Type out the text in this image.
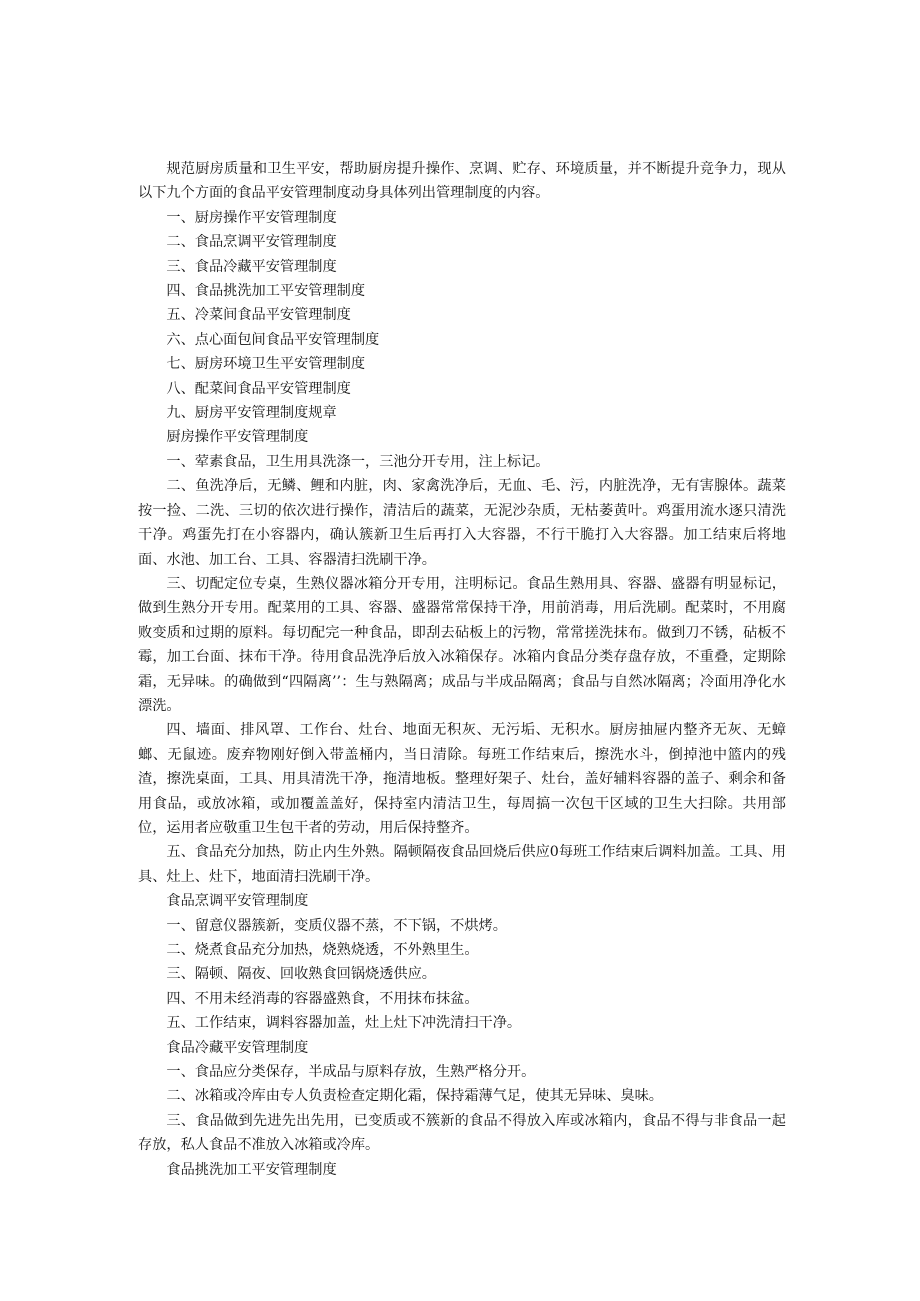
规范厨房质量和卫生平安，帮助厨房提升操作、烹调、贮存、环境质量，并不断提升竞争力，现从以下九个方面的食品平安管理制度动身具体列出管理制度的内容。

一、厨房操作平安管理制度

二、食品烹调平安管理制度

三、食品冷藏平安管理制度

四、食品挑洗加工平安管理制度

五、冷菜间食品平安管理制度

六、点心面包间食品平安管理制度

七、厨房环境卫生平安管理制度

八、配菜间食品平安管理制度

九、厨房平安管理制度规章

厨房操作平安管理制度

一、荤素食品，卫生用具洗涤一，三池分开专用，注上标记。

二、鱼洗净后，无鳞、鲤和内脏，肉、家禽洗净后，无血、毛、污，内脏洗净，无有害腺体。蔬菜按一捡、二洗、三切的依次进行操作，清洁后的蔬菜，无泥沙杂质，无枯萎黄叶。鸡蛋用流水逐只清洗干净。鸡蛋先打在小容器内，确认簇新卫生后再打入大容器，不行干脆打入大容器。加工结束后将地面、水池、加工台、工具、容器清扫洗刷干净。

三、切配定位专桌，生熟仪器冰箱分开专用，注明标记。食品生熟用具、容器、盛器有明显标记，做到生熟分开专用。配菜用的工具、容器、盛器常常保持干净，用前消毒，用后洗刷。配菜时，不用腐败变质和过期的原料。每切配完一种食品，即刮去砧板上的污物，常常搓洗抹布。做到刀不锈，砧板不霉，加工台面、抹布干净。待用食品洗净后放入冰箱保存。冰箱内食品分类存盘存放，不重叠，定期除霜，无异味。的确做到“四隔离’’：生与熟隔离；成品与半成品隔离；食品与自然冰隔离；冷面用净化水漂洗。

四、墙面、排风罩、工作台、灶台、地面无积灰、无污垢、无积水。厨房抽屉内整齐无灰、无蟑螂、无鼠迹。废弃物刚好倒入带盖桶内，当日清除。每班工作结束后，擦洗水斗，倒掉池中篮内的残渣，擦洗桌面，工具、用具清洗干净，拖清地板。整理好架子、灶台，盖好辅料容器的盖子、剩余和备用食品，或放冰箱，或加覆盖盖好，保持室内清洁卫生，每周搞一次包干区域的卫生大扫除。共用部位，运用者应敬重卫生包干者的劳动，用后保持整齐。

五、食品充分加热，防止内生外熟。隔顿隔夜食品回烧后供应0每班工作结束后调料加盖。工具、用具、灶上、灶下，地面清扫洗刷干净。

食品烹调平安管理制度

一、留意仪器簇新，变质仪器不蒸，不下锅，不烘烤。

二、烧煮食品充分加热，烧熟烧透，不外熟里生。

三、隔顿、隔夜、回收熟食回锅烧透供应。

四、不用未经消毒的容器盛熟食，不用抹布抹盆。

五、工作结束，调料容器加盖，灶上灶下冲洗清扫干净。

食品冷藏平安管理制度

一、食品应分类保存，半成品与原料存放，生熟严格分开。

二、冰箱或冷库由专人负责检查定期化霜，保持霜薄气足，使其无异味、臭味。

三、食品做到先进先出先用，已变质或不簇新的食品不得放入库或冰箱内，食品不得与非食品一起存放，私人食品不准放入冰箱或冷库。

食品挑洗加工平安管理制度
